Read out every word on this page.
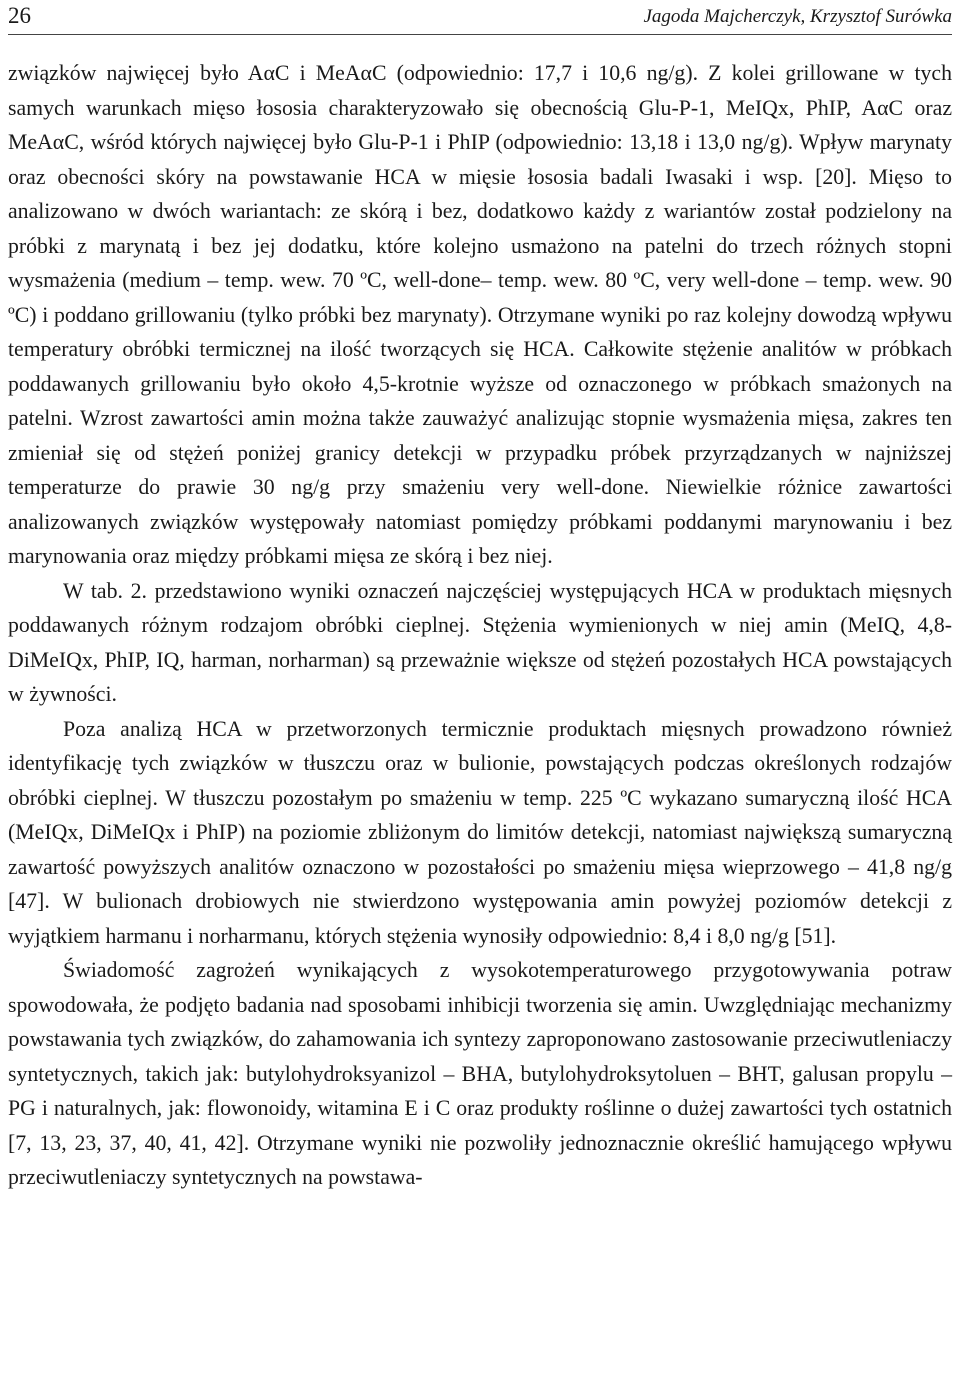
26	Jagoda Majcherczyk, Krzysztof Surówka

związków najwięcej było AαC i MeAαC (odpowiednio: 17,7 i 10,6 ng/g). Z kolei grillowane w tych samych warunkach mięso łososia charakteryzowało się obecnością Glu-P-1, MeIQx, PhIP, AαC oraz MeAαC, wśród których najwięcej było Glu-P-1 i PhIP (odpowiednio: 13,18 i 13,0 ng/g). Wpływ marynaty oraz obecności skóry na powstawanie HCA w mięsie łososia badali Iwasaki i wsp. [20]. Mięso to analizowano w dwóch wariantach: ze skórą i bez, dodatkowo każdy z wariantów został podzielony na próbki z marynatą i bez jej dodatku, które kolejno usmażono na patelni do trzech różnych stopni wysmażenia (medium – temp. wew. 70 ºC, well-done– temp. wew. 80 ºC, very well-done – temp. wew. 90 ºC) i poddano grillowaniu (tylko próbki bez marynaty). Otrzymane wyniki po raz kolejny dowodzą wpływu temperatury obróbki termicznej na ilość tworzących się HCA. Całkowite stężenie analitów w próbkach poddawanych grillowaniu było około 4,5-krotnie wyższe od oznaczonego w próbkach smażonych na patelni. Wzrost zawartości amin można także zauważyć analizując stopnie wysmażenia mięsa, zakres ten zmieniał się od stężeń poniżej granicy detekcji w przypadku próbek przyrządzanych w najniższej temperaturze do prawie 30 ng/g przy smażeniu very well-done. Niewielkie różnice zawartości analizowanych związków występowały natomiast pomiędzy próbkami poddanymi marynowaniu i bez marynowania oraz między próbkami mięsa ze skórą i bez niej.

W tab. 2. przedstawiono wyniki oznaczeń najczęściej występujących HCA w produktach mięsnych poddawanych różnym rodzajom obróbki cieplnej. Stężenia wymienionych w niej amin (MeIQ, 4,8-DiMeIQx, PhIP, IQ, harman, norharman) są przeważnie większe od stężeń pozostałych HCA powstających w żywności.

Poza analizą HCA w przetworzonych termicznie produktach mięsnych prowadzono również identyfikację tych związków w tłuszczu oraz w bulionie, powstających podczas określonych rodzajów obróbki cieplnej. W tłuszczu pozostałym po smażeniu w temp. 225 ºC wykazano sumaryczną ilość HCA (MeIQx, DiMeIQx i PhIP) na poziomie zbliżonym do limitów detekcji, natomiast największą sumaryczną zawartość powyższych analitów oznaczono w pozostałości po smażeniu mięsa wieprzowego – 41,8 ng/g [47]. W bulionach drobiowych nie stwierdzono występowania amin powyżej poziomów detekcji z wyjątkiem harmanu i norharmanu, których stężenia wynosiły odpowiednio: 8,4 i 8,0 ng/g [51].

Świadomość zagrożeń wynikających z wysokotemperaturowego przygotowywania potraw spowodowała, że podjęto badania nad sposobami inhibicji tworzenia się amin. Uwzględniając mechanizmy powstawania tych związków, do zahamowania ich syntezy zaproponowano zastosowanie przeciwutleniaczy syntetycznych, takich jak: butylohydroksyanizol – BHA, butylohydroksytoluen – BHT, galusan propylu – PG i naturalnych, jak: flowonoidy, witamina E i C oraz produkty roślinne o dużej zawartości tych ostatnich [7, 13, 23, 37, 40, 41, 42]. Otrzymane wyniki nie pozwoliły jednoznacznie określić hamującego wpływu przeciwutleniaczy syntetycznych na powstawa-
